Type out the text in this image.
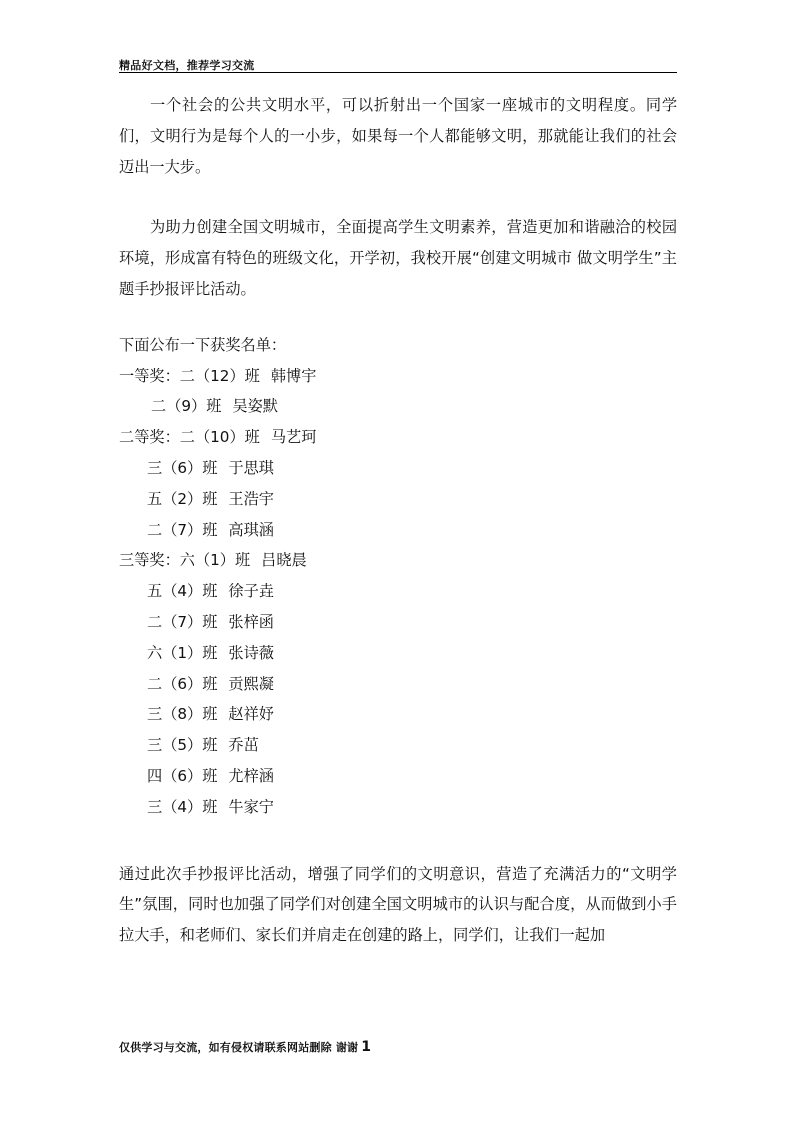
精品好文档，推荐学习交流

一个社会的公共文明水平，可以折射出一个国家一座城市的文明程度。同学们，文明行为是每个人的一小步，如果每一个人都能够文明，那就能让我们的社会迈出一大步。

为助力创建全国文明城市，全面提高学生文明素养，营造更加和谐融洽的校园环境，形成富有特色的班级文化，开学初，我校开展“创建文明城市 做文明学生”主题手抄报评比活动。

下面公布一下获奖名单：

一等奖：二（12）班 韩博宇
二（9）班 吴姿默
二等奖：二（10）班 马艺珂
三（6）班 于思琪
五（2）班 王浩宇
二（7）班 高琪涵
三等奖：六（1）班 吕晓晨
五（4）班 徐子垚
二（7）班 张梓函
六（1）班 张诗薇
二（6）班 贡熙凝
三（8）班 赵祥妤
三（5）班 乔茁
四（6）班 尤梓涵
三（4）班 牛家宁

通过此次手抄报评比活动，增强了同学们的文明意识，营造了充满活力的“文明学生”氛围，同时也加强了同学们对创建全国文明城市的认识与配合度，从而做到小手拉大手，和老师们、家长们并肩走在创建的路上，同学们，让我们一起加

仅供学习与交流，如有侵权请联系网站删除 谢谢 1
